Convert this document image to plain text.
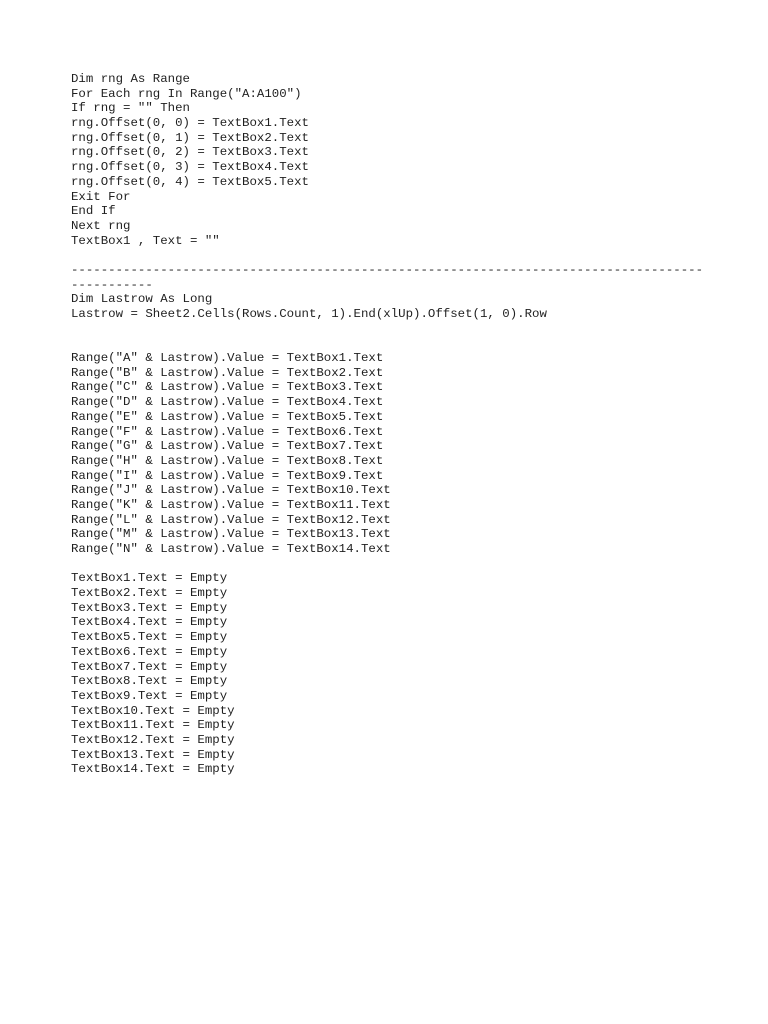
Dim rng As Range
For Each rng In Range("A:A100")
If rng = "" Then
rng.Offset(0, 0) = TextBox1.Text
rng.Offset(0, 1) = TextBox2.Text
rng.Offset(0, 2) = TextBox3.Text
rng.Offset(0, 3) = TextBox4.Text
rng.Offset(0, 4) = TextBox5.Text
Exit For
End If
Next rng
TextBox1 , Text = ""
-------------------------------------------------------------------------------------
-----------
Dim Lastrow As Long
Lastrow = Sheet2.Cells(Rows.Count, 1).End(xlUp).Offset(1, 0).Row
Range("A" & Lastrow).Value = TextBox1.Text
Range("B" & Lastrow).Value = TextBox2.Text
Range("C" & Lastrow).Value = TextBox3.Text
Range("D" & Lastrow).Value = TextBox4.Text
Range("E" & Lastrow).Value = TextBox5.Text
Range("F" & Lastrow).Value = TextBox6.Text
Range("G" & Lastrow).Value = TextBox7.Text
Range("H" & Lastrow).Value = TextBox8.Text
Range("I" & Lastrow).Value = TextBox9.Text
Range("J" & Lastrow).Value = TextBox10.Text
Range("K" & Lastrow).Value = TextBox11.Text
Range("L" & Lastrow).Value = TextBox12.Text
Range("M" & Lastrow).Value = TextBox13.Text
Range("N" & Lastrow).Value = TextBox14.Text
TextBox1.Text = Empty
TextBox2.Text = Empty
TextBox3.Text = Empty
TextBox4.Text = Empty
TextBox5.Text = Empty
TextBox6.Text = Empty
TextBox7.Text = Empty
TextBox8.Text = Empty
TextBox9.Text = Empty
TextBox10.Text = Empty
TextBox11.Text = Empty
TextBox12.Text = Empty
TextBox13.Text = Empty
TextBox14.Text = Empty
